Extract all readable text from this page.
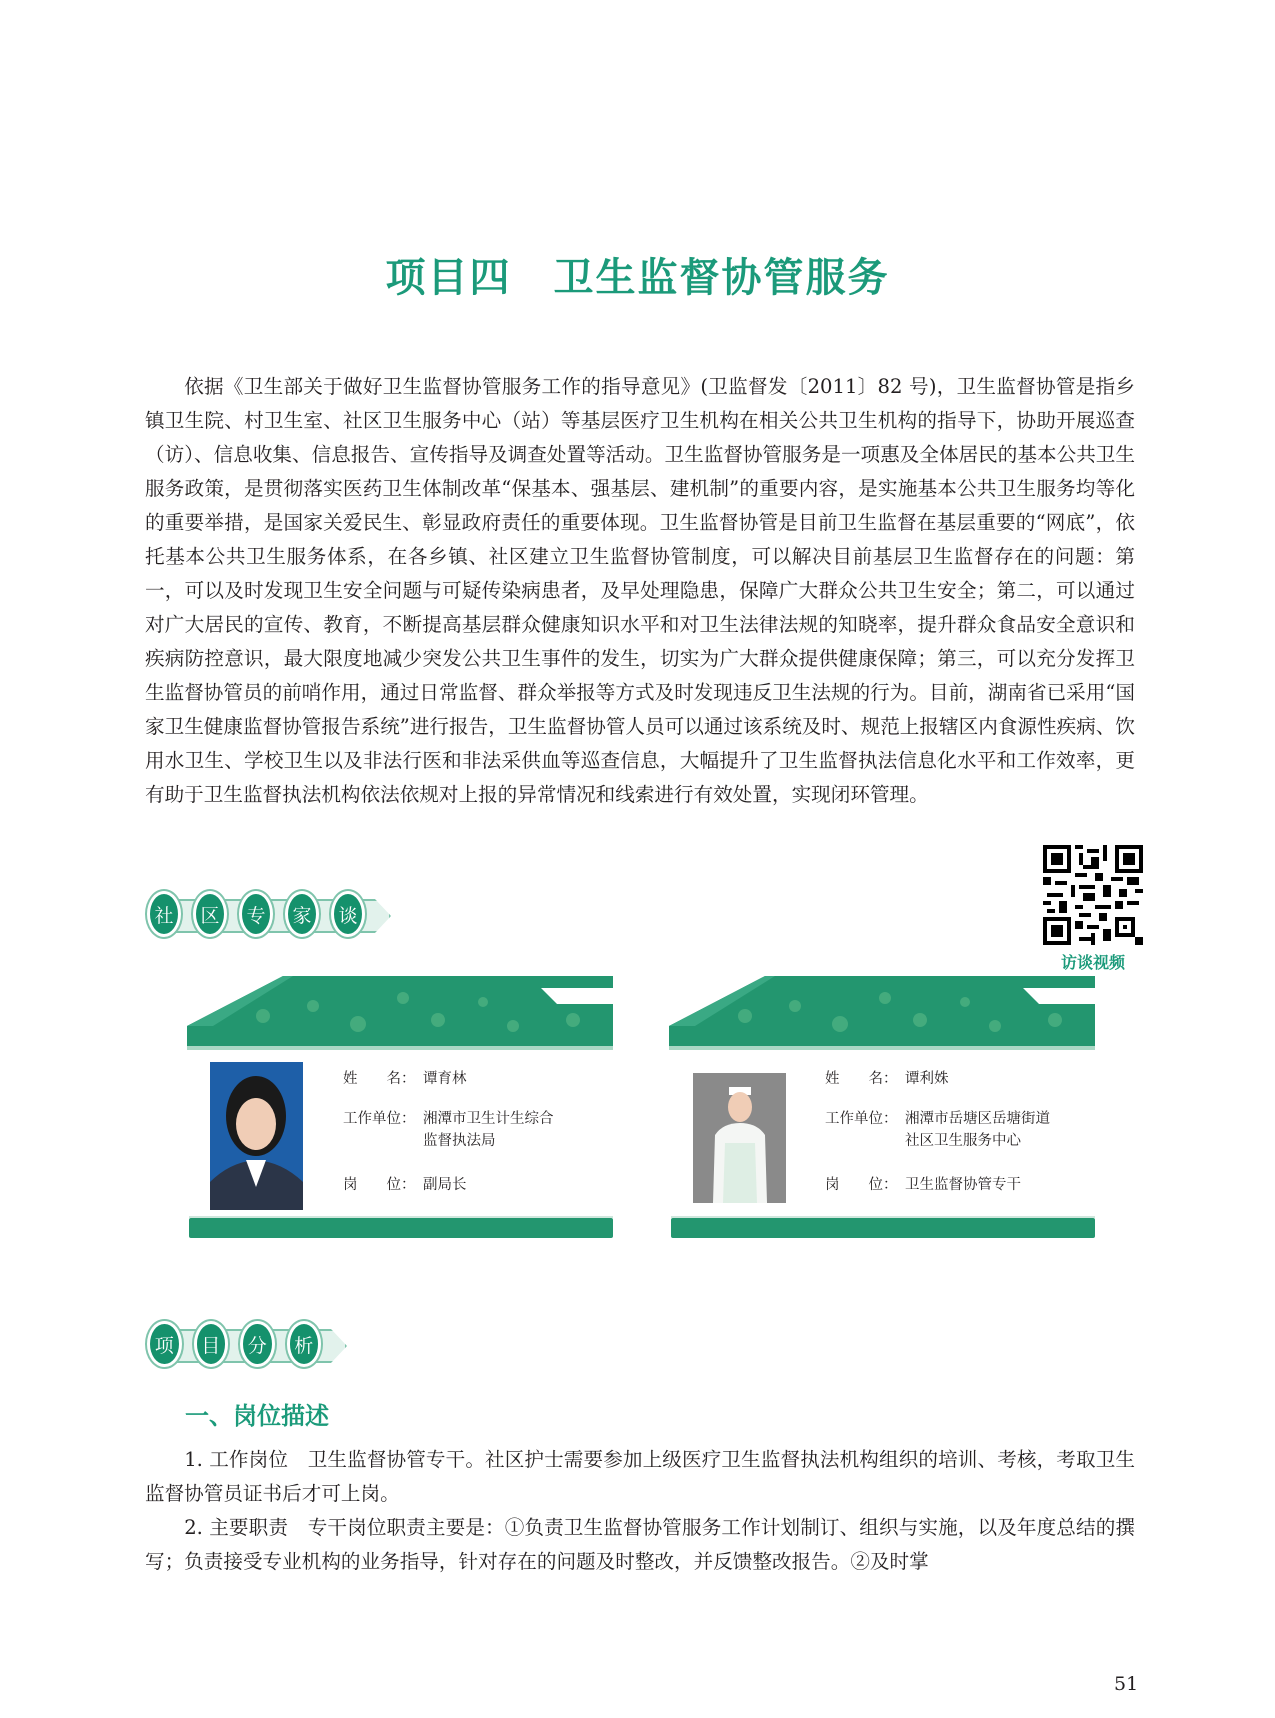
项目四　卫生监督协管服务

依据《卫生部关于做好卫生监督协管服务工作的指导意见》(卫监督发〔2011〕82 号)，卫生监督协管是指乡镇卫生院、村卫生室、社区卫生服务中心（站）等基层医疗卫生机构在相关公共卫生机构的指导下，协助开展巡查（访）、信息收集、信息报告、宣传指导及调查处置等活动。卫生监督协管服务是一项惠及全体居民的基本公共卫生服务政策，是贯彻落实医药卫生体制改革“保基本、强基层、建机制”的重要内容，是实施基本公共卫生服务均等化的重要举措，是国家关爱民生、彰显政府责任的重要体现。卫生监督协管是目前卫生监督在基层重要的“网底”，依托基本公共卫生服务体系，在各乡镇、社区建立卫生监督协管制度，可以解决目前基层卫生监督存在的问题：第一，可以及时发现卫生安全问题与可疑传染病患者，及早处理隐患，保障广大群众公共卫生安全；第二，可以通过对广大居民的宣传、教育，不断提高基层群众健康知识水平和对卫生法律法规的知晓率，提升群众食品安全意识和疾病防控意识，最大限度地减少突发公共卫生事件的发生，切实为广大群众提供健康保障；第三，可以充分发挥卫生监督协管员的前哨作用，通过日常监督、群众举报等方式及时发现违反卫生法规的行为。目前，湖南省已采用“国家卫生健康监督协管报告系统”进行报告，卫生监督协管人员可以通过该系统及时、规范上报辖区内食源性疾病、饮用水卫生、学校卫生以及非法行医和非法采供血等巡查信息，大幅提升了卫生监督执法信息化水平和工作效率，更有助于卫生监督执法机构依法依规对上报的异常情况和线索进行有效处置，实现闭环管理。

社	区	专	家	谈
访谈视频
姓　　名： 谭育林
工作单位： 湘潭市卫生计生综合
监督执法局
岗　　位： 副局长
姓　　名： 谭利姝
工作单位： 湘潭市岳塘区岳塘街道
社区卫生服务中心
岗　　位： 卫生监督协管专干
项	目	分	析
一、岗位描述

1. 工作岗位　卫生监督协管专干。社区护士需要参加上级医疗卫生监督执法机构组织的培训、考核，考取卫生监督协管员证书后才可上岗。

2. 主要职责　专干岗位职责主要是：①负责卫生监督协管服务工作计划制订、组织与实施，以及年度总结的撰写；负责接受专业机构的业务指导，针对存在的问题及时整改，并反馈整改报告。②及时掌

51
